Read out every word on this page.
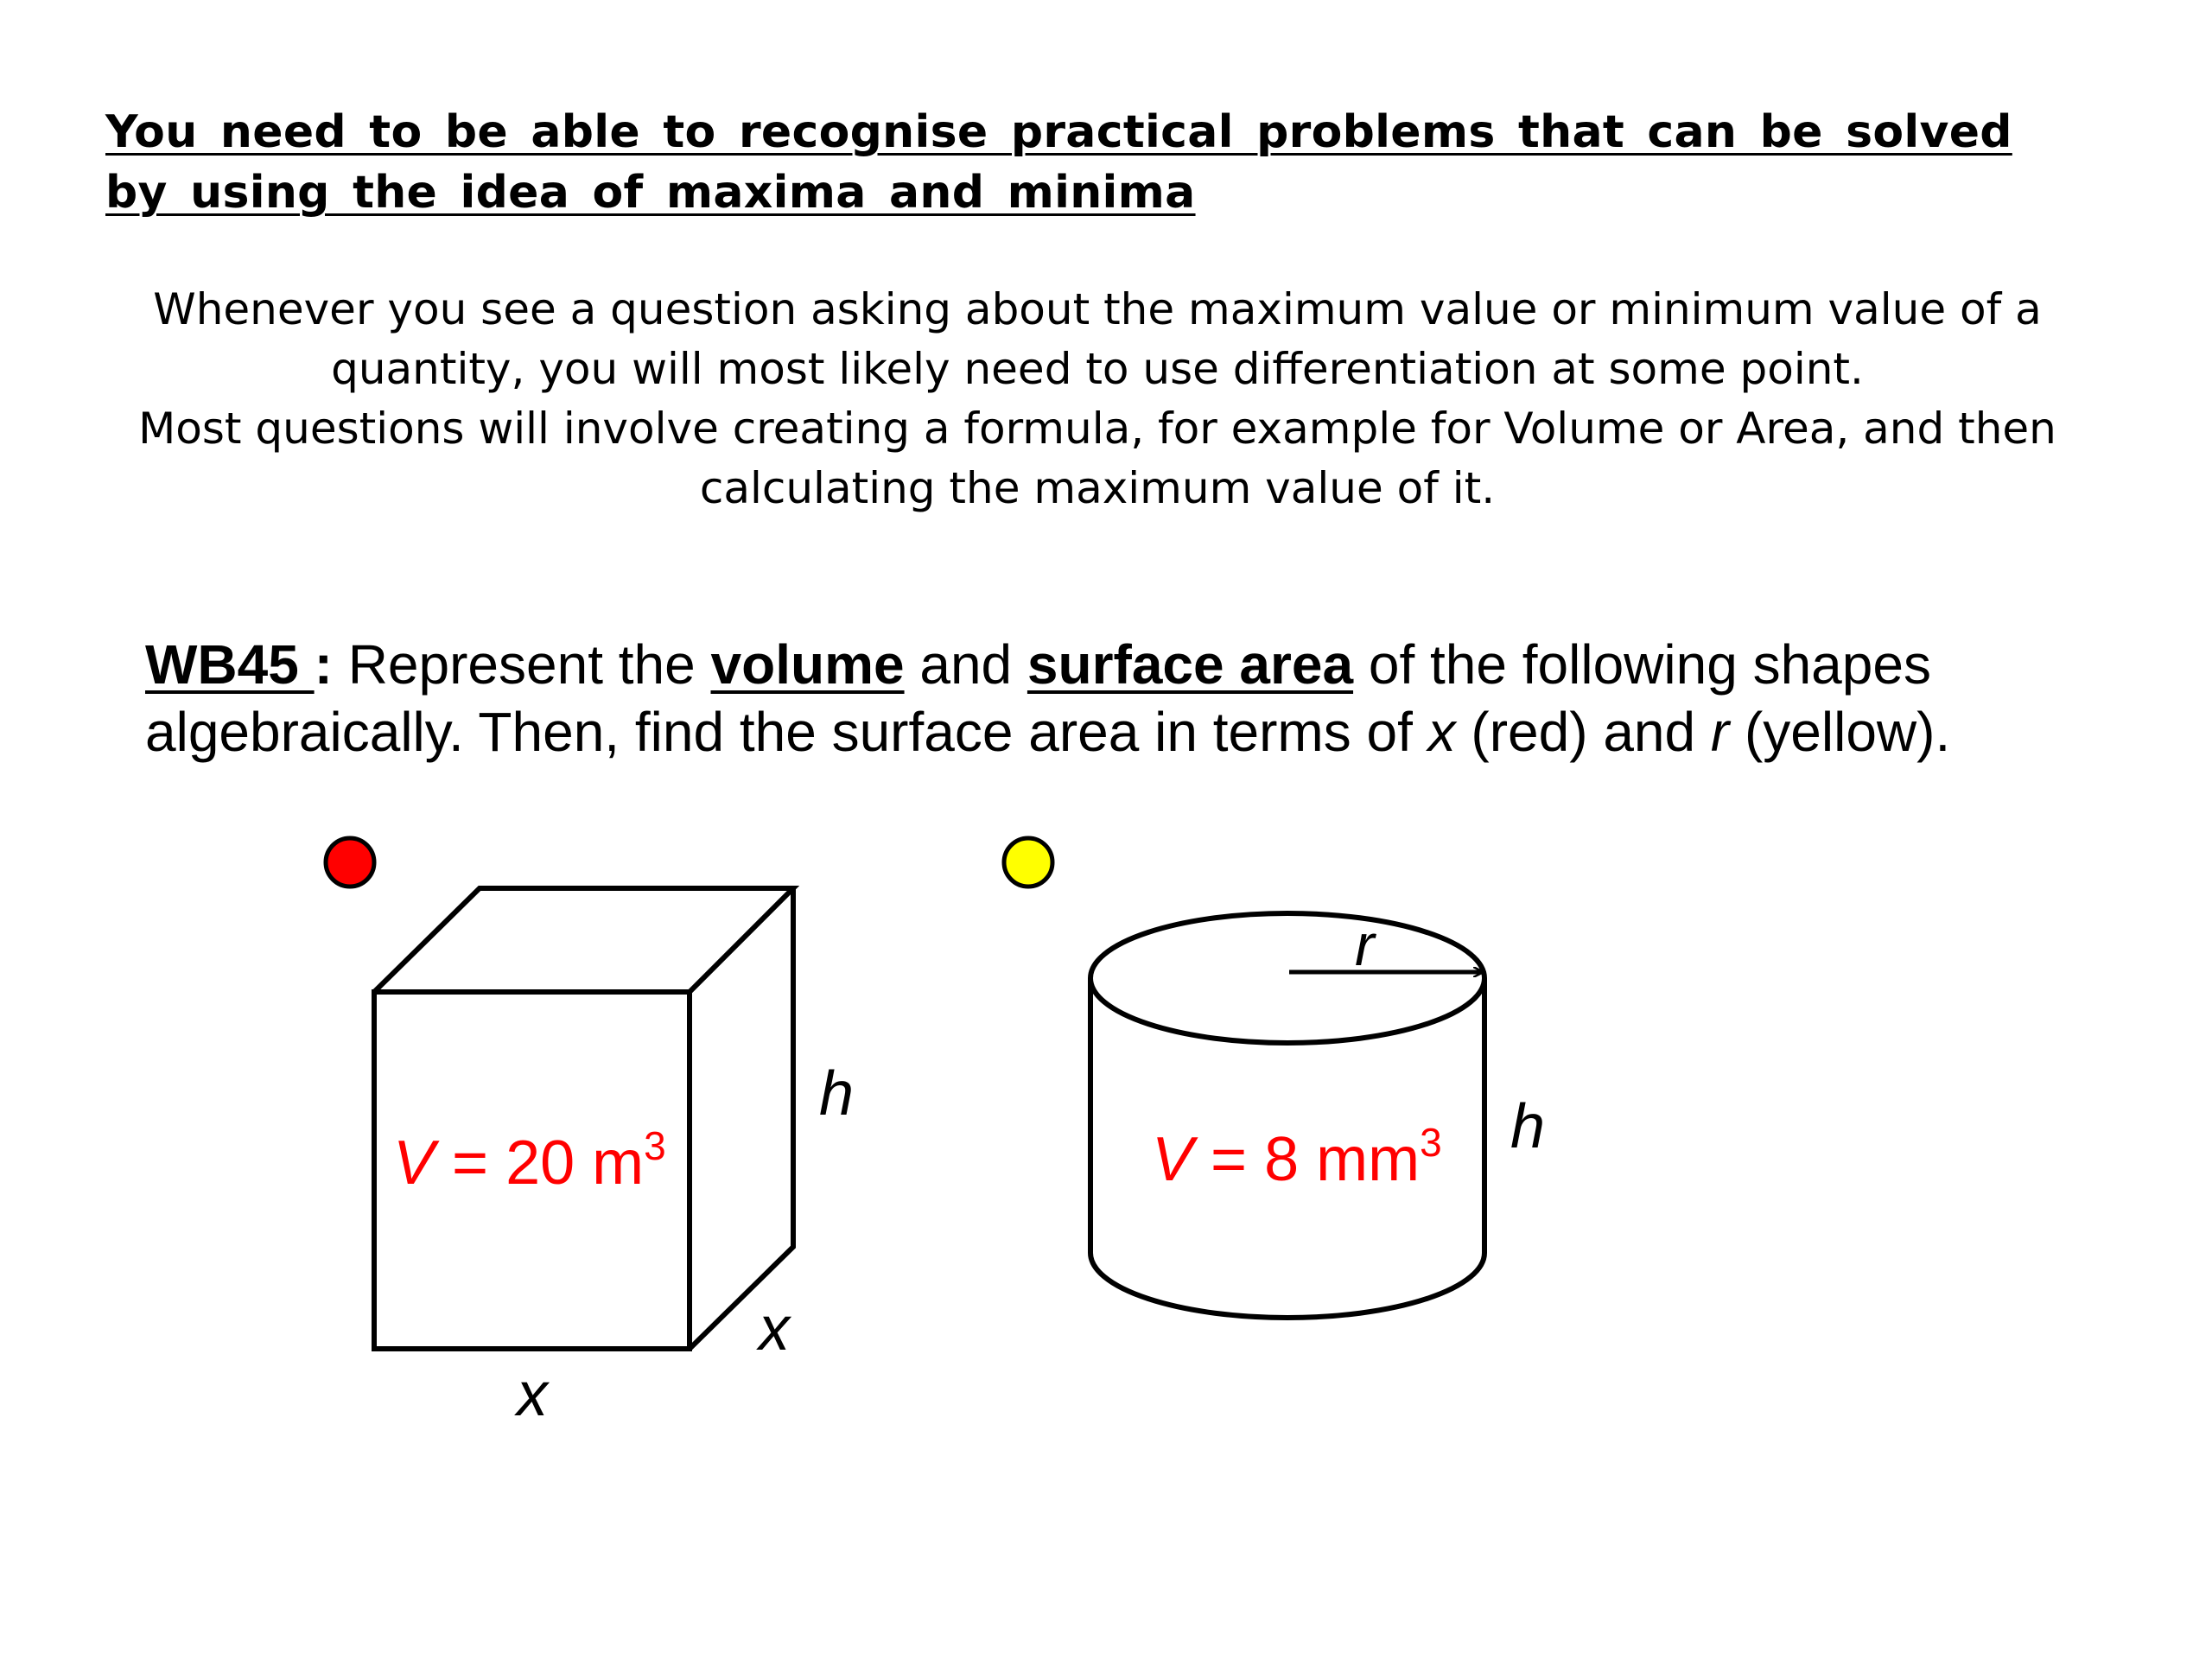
You need to be able to recognise practical problems that can be solved by using the idea of maxima and minima

Whenever you see a question asking about the maximum value or minimum value of a quantity, you will most likely need to use differentiation at some point.

Most questions will involve creating a formula, for example for Volume or Area, and then calculating the maximum value of it.

WB45 : Represent the volume and surface area of the following shapes algebraically. Then, find the surface area in terms of x (red) and r (yellow).
V = 20 $m^3$
h
x
x
r
h
V = 8 $mm^3$
